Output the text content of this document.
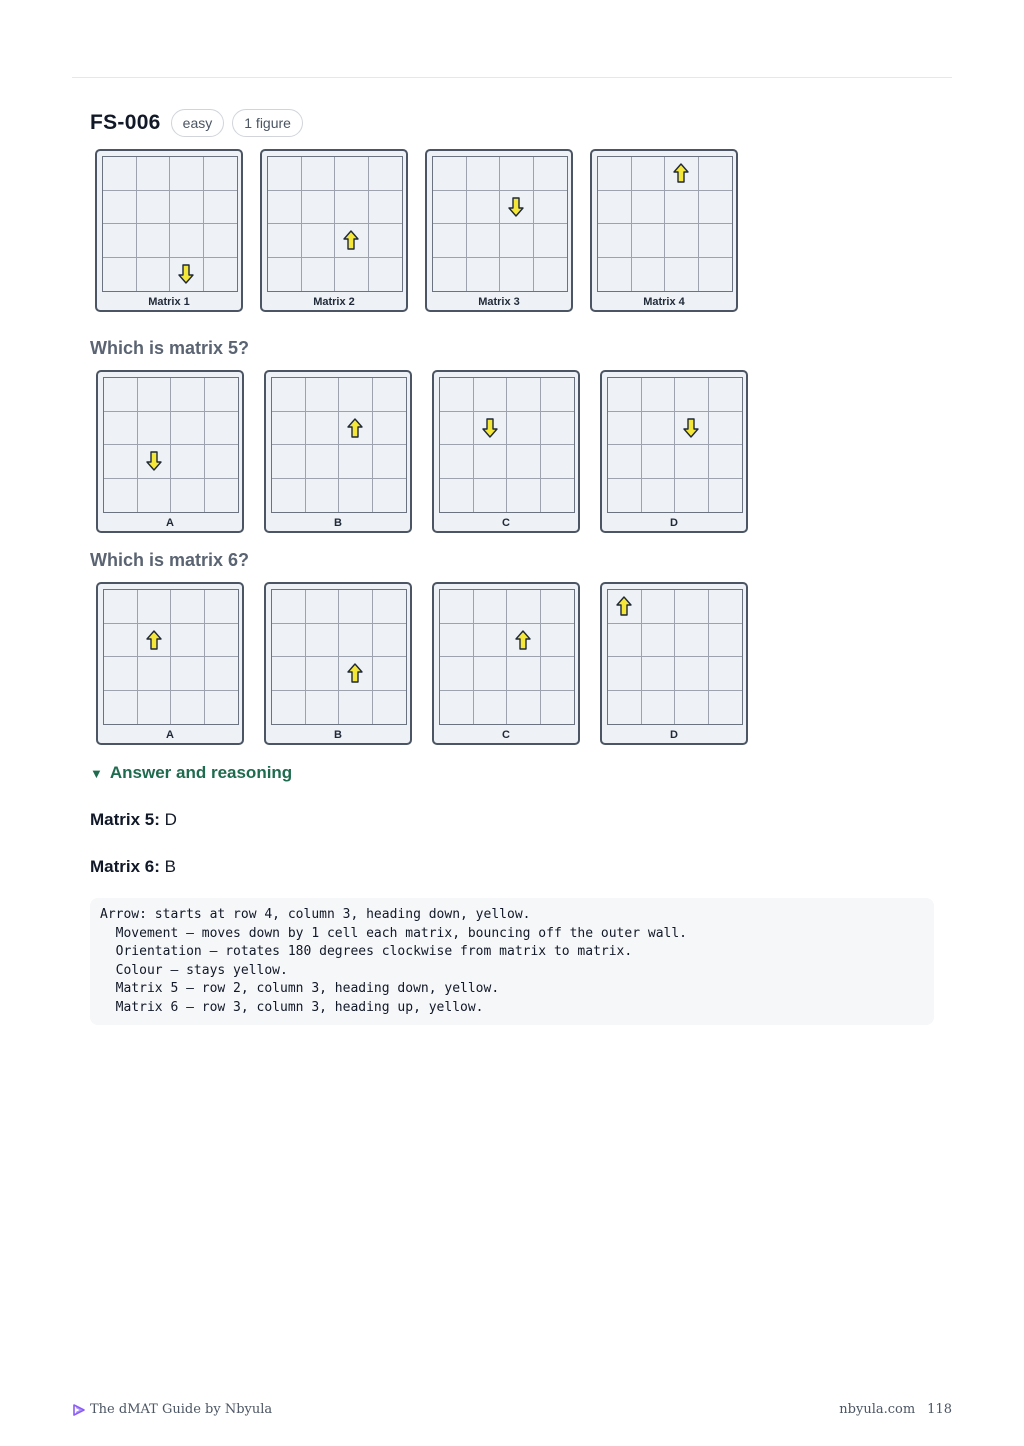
FS-006	easy	1 figure
Matrix 1	Matrix 2	Matrix 3	Matrix 4
Which is matrix 5?
A	B	C	D
Which is matrix 6?
A	B	C	D
▼ Answer and reasoning
Matrix 5: D
Matrix 6: B
Arrow: starts at row 4, column 3, heading down, yellow.
Movement — moves down by 1 cell each matrix, bouncing off the outer wall.
Orientation — rotates 180 degrees clockwise from matrix to matrix.
Colour — stays yellow.
Matrix 5 — row 2, column 3, heading down, yellow.
Matrix 6 — row 3, column 3, heading up, yellow.
The dMAT Guide by Nbyula	nbyula.com 118
